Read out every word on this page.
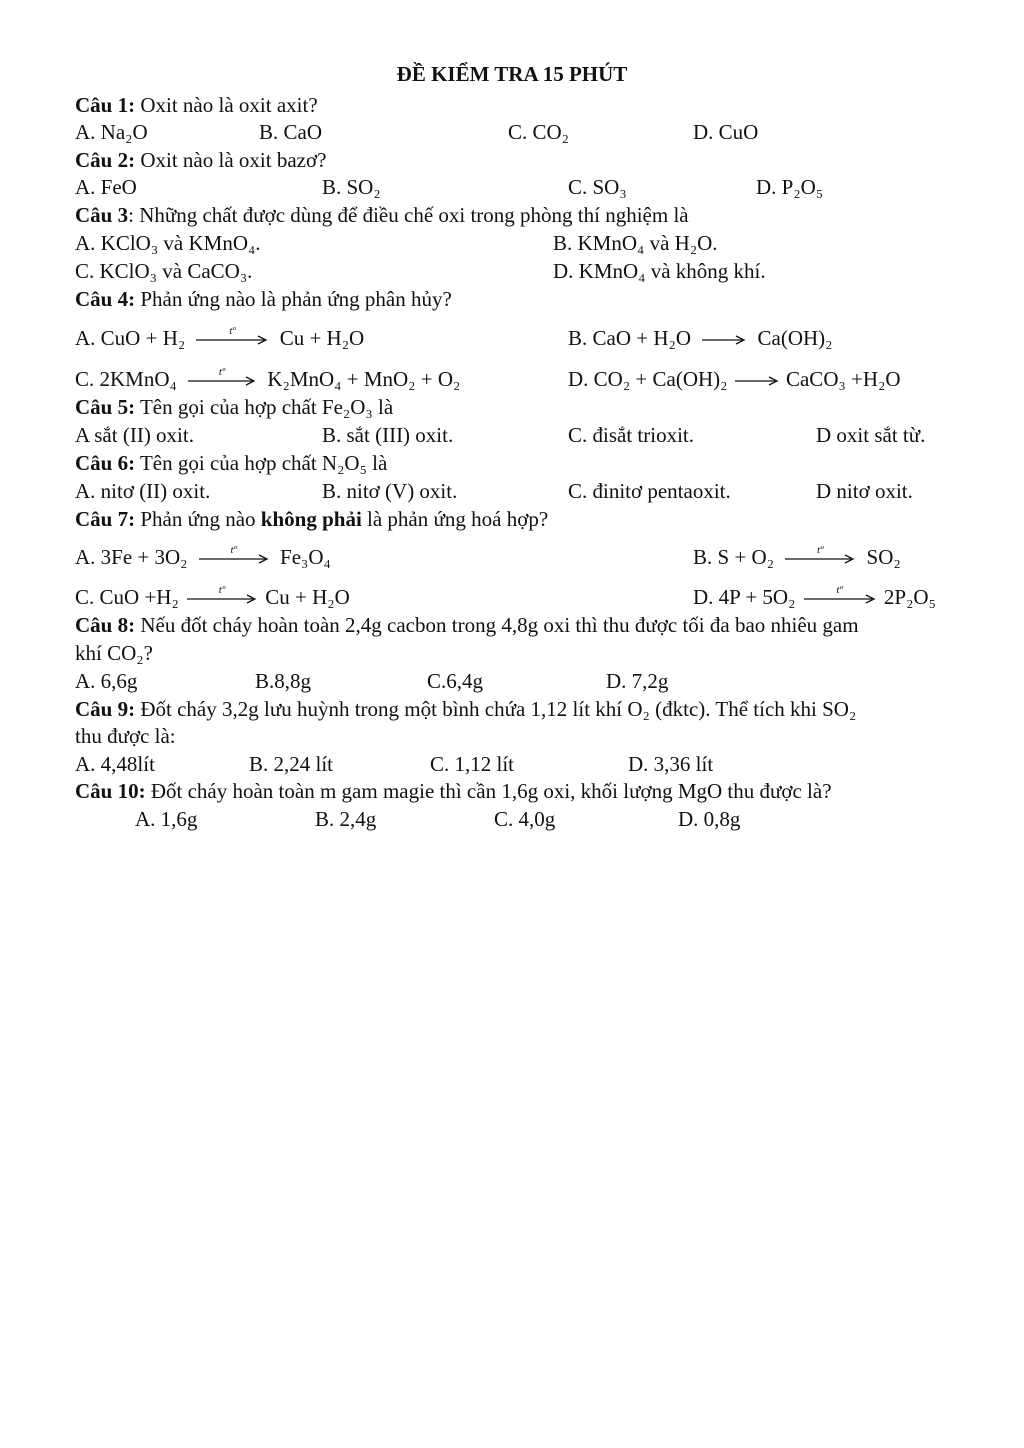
ĐỀ KIỂM TRA 15 PHÚT
Câu 1: Oxit nào là oxit axit?
A. Na₂O	B. CaO	C. CO₂	D. CuO
Câu 2: Oxit nào là oxit bazơ?
A. FeO	B. SO₂	C. SO₃	D. P₂O₅
Câu 3: Những chất được dùng để điều chế oxi trong phòng thí nghiệm là
A. KClO₃ và KMnO₄.	B. KMnO₄ và H₂O.
C. KClO₃ và CaCO₃.	D. KMnO₄ và không khí.
Câu 4: Phản ứng nào là phản ứng phân hủy?
A. CuO + H₂	tº	Cu + H₂O	B. CaO + H₂O	Ca(OH)₂
C. 2KMnO₄	tº	K₂MnO₄ + MnO₂ + O₂	D. CO₂ + Ca(OH)₂	CaCO₃ +H₂O
Câu 5: Tên gọi của hợp chất Fe₂O₃ là
A sắt (II) oxit.	B. sắt (III) oxit.	C. đisắt trioxit.	D oxit sắt từ.
Câu 6: Tên gọi của hợp chất N₂O₅ là
A. nitơ (II) oxit.	B. nitơ (V) oxit.	C. đinitơ pentaoxit.	D nitơ oxit.
Câu 7: Phản ứng nào không phải là phản ứng hoá hợp?
A. 3Fe + 3O₂	tº	Fe₃O₄	B. S + O₂	tº	SO₂
C. CuO +H₂	tº	Cu + H₂O	D. 4P + 5O₂	tº	2P₂O₅
Câu 8: Nếu đốt cháy hoàn toàn 2,4g cacbon trong 4,8g oxi thì thu được tối đa bao nhiêu gam
khí CO₂?
A. 6,6g	B.8,8g	C.6,4g	D. 7,2g
Câu 9: Đốt cháy 3,2g lưu huỳnh trong một bình chứa 1,12 lít khí O₂ (đktc). Thể tích khi SO₂
thu được là:
A. 4,48lít	B. 2,24 lít	C. 1,12 lít	D. 3,36 lít
Câu 10: Đốt cháy hoàn toàn m gam magie thì cần 1,6g oxi, khối lượng MgO thu được là?
A. 1,6g	B. 2,4g	C. 4,0g	D. 0,8g
